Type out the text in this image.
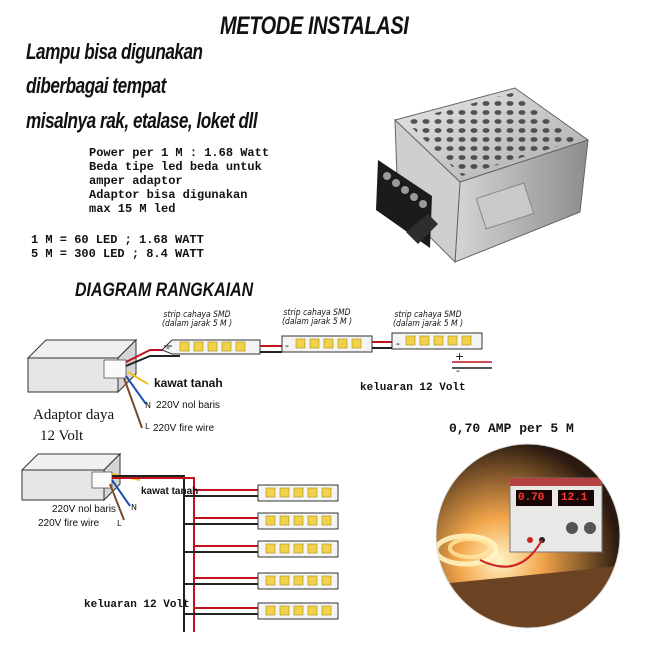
METODE INSTALASI
Lampu bisa digunakan
diberbagai tempat
misalnya rak, etalase, loket dll
Power per 1 M : 1.68 Watt
Beda tipe led beda untuk
amper adaptor
Adaptor bisa digunakan
max 15 M led
1 M = 60 LED ; 1.68 WATT
5 M = 300 LED ; 8.4 WATT
DIAGRAM RANGKAIAN
strip cahaya SMD
(dalam jarak 5 M )
strip cahaya SMD
(dalam jarak 5 M )
strip cahaya SMD
(dalam jarak 5 M )
-	-	-
+
-
kawat tanah
220V nol baris
220V fire wire
N
L
keluaran 12 Volt
Adaptor daya
12 Volt
kawat tanah
220V nol baris
220V fire wire
N
L
keluaran 12 Volt
0,70 AMP per 5 M
0.70 12.1
